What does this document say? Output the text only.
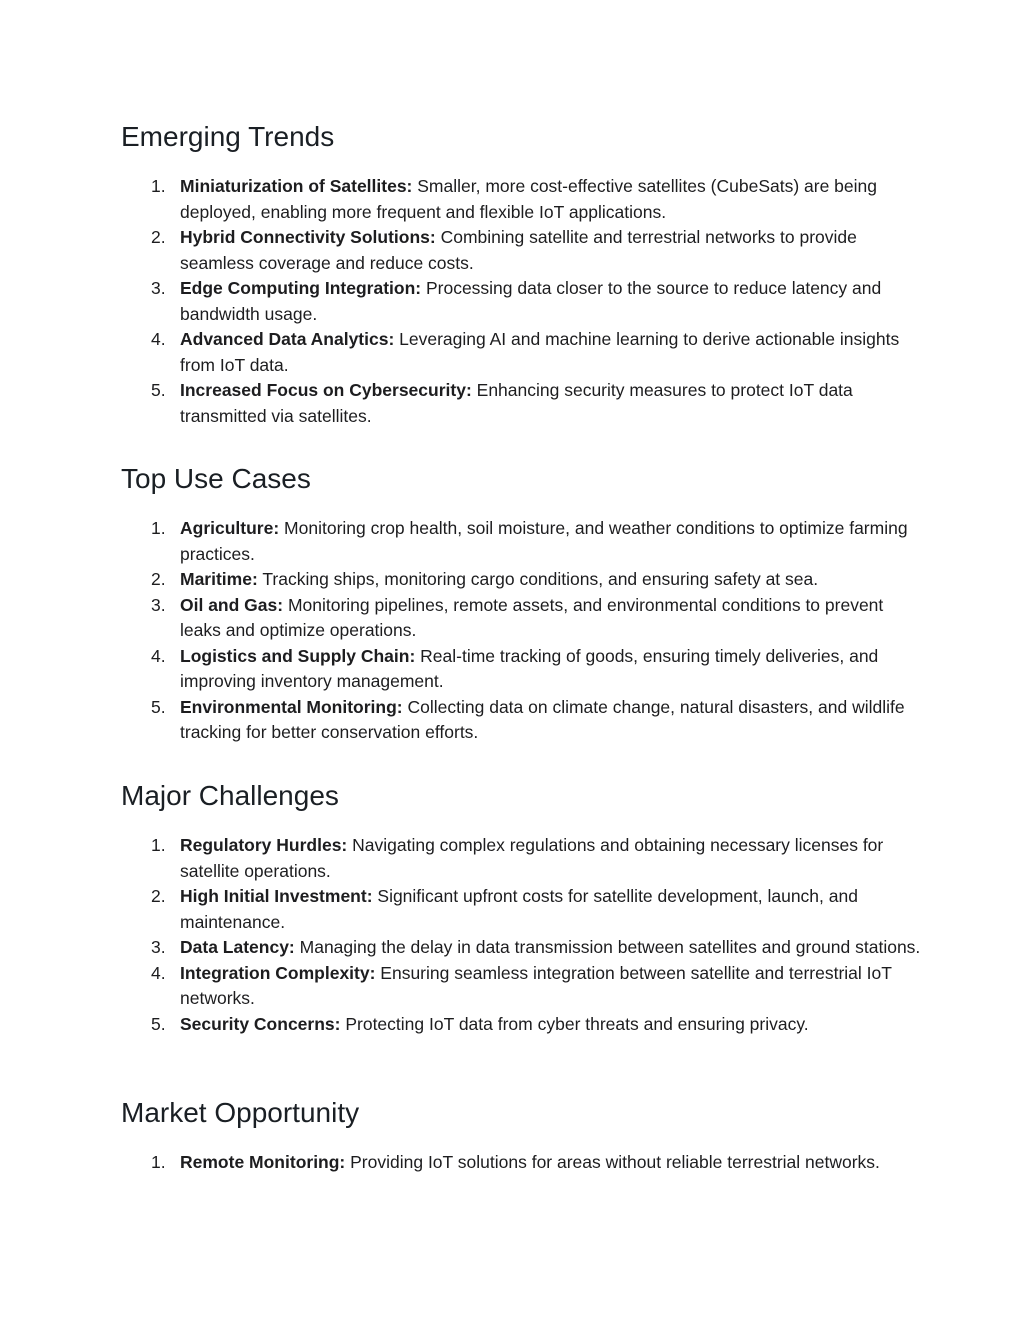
Emerging Trends
1. Miniaturization of Satellites: Smaller, more cost-effective satellites (CubeSats) are being deployed, enabling more frequent and flexible IoT applications.
2. Hybrid Connectivity Solutions: Combining satellite and terrestrial networks to provide seamless coverage and reduce costs.
3. Edge Computing Integration: Processing data closer to the source to reduce latency and bandwidth usage.
4. Advanced Data Analytics: Leveraging AI and machine learning to derive actionable insights from IoT data.
5. Increased Focus on Cybersecurity: Enhancing security measures to protect IoT data transmitted via satellites.
Top Use Cases
1. Agriculture: Monitoring crop health, soil moisture, and weather conditions to optimize farming practices.
2. Maritime: Tracking ships, monitoring cargo conditions, and ensuring safety at sea.
3. Oil and Gas: Monitoring pipelines, remote assets, and environmental conditions to prevent leaks and optimize operations.
4. Logistics and Supply Chain: Real-time tracking of goods, ensuring timely deliveries, and improving inventory management.
5. Environmental Monitoring: Collecting data on climate change, natural disasters, and wildlife tracking for better conservation efforts.
Major Challenges
1. Regulatory Hurdles: Navigating complex regulations and obtaining necessary licenses for satellite operations.
2. High Initial Investment: Significant upfront costs for satellite development, launch, and maintenance.
3. Data Latency: Managing the delay in data transmission between satellites and ground stations.
4. Integration Complexity: Ensuring seamless integration between satellite and terrestrial IoT networks.
5. Security Concerns: Protecting IoT data from cyber threats and ensuring privacy.
Market Opportunity
1. Remote Monitoring: Providing IoT solutions for areas without reliable terrestrial networks.
